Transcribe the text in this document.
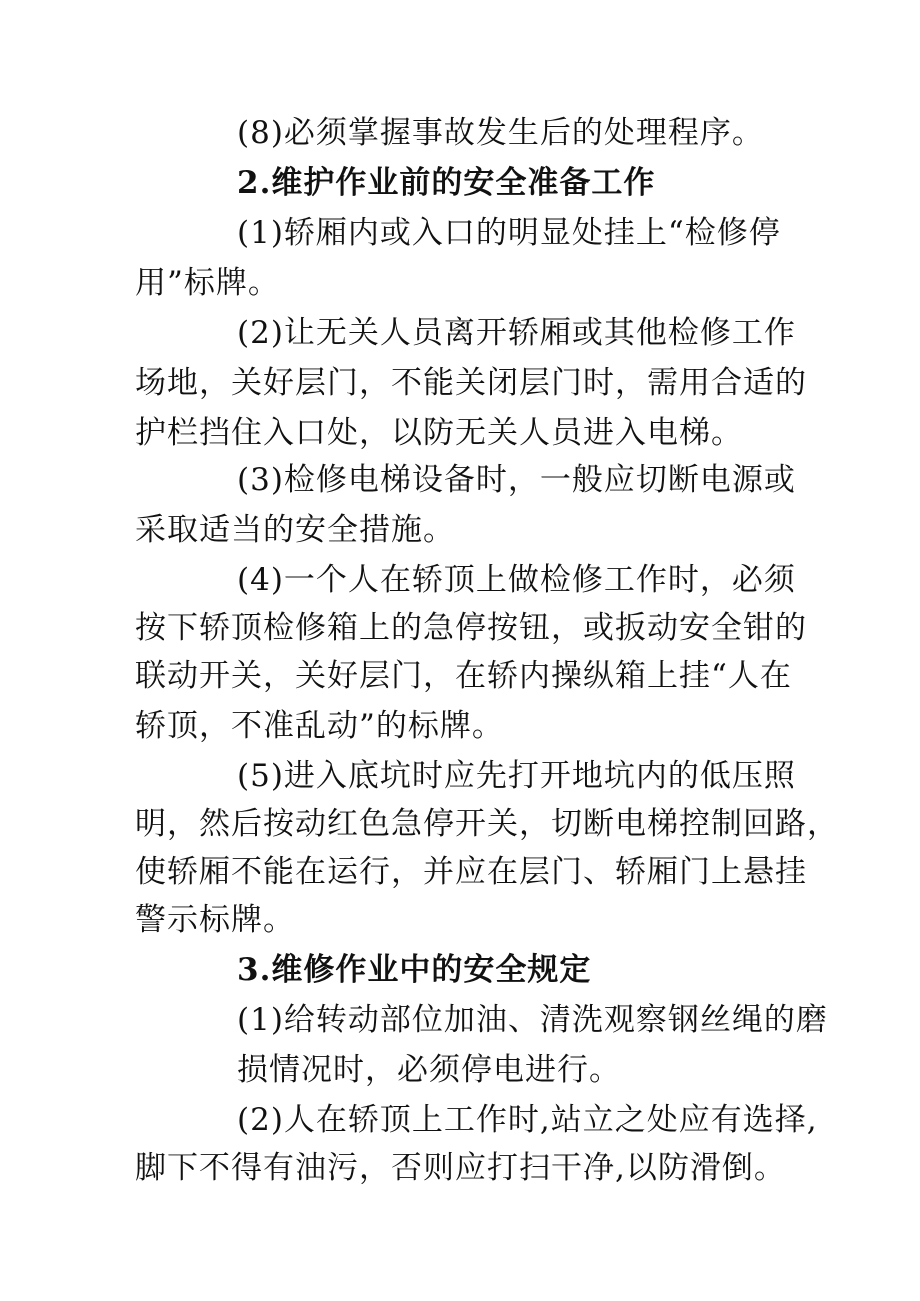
(8)必须掌握事故发生后的处理程序。
2.维护作业前的安全准备工作
(1)轿厢内或入口的明显处挂上“检修停
用”标牌。
(2)让无关人员离开轿厢或其他检修工作
场地，关好层门，不能关闭层门时，需用合适的
护栏挡住入口处，以防无关人员进入电梯。
(3)检修电梯设备时，一般应切断电源或
采取适当的安全措施。
(4)一个人在轿顶上做检修工作时，必须
按下轿顶检修箱上的急停按钮，或扳动安全钳的
联动开关，关好层门，在轿内操纵箱上挂“人在
轿顶，不准乱动”的标牌。
(5)进入底坑时应先打开地坑内的低压照
明，然后按动红色急停开关，切断电梯控制回路，
使轿厢不能在运行，并应在层门、轿厢门上悬挂
警示标牌。
3.维修作业中的安全规定
(1)给转动部位加油、清洗观察钢丝绳的磨
损情况时，必须停电进行。
(2)人在轿顶上工作时,站立之处应有选择,
脚下不得有油污，否则应打扫干净,以防滑倒。
